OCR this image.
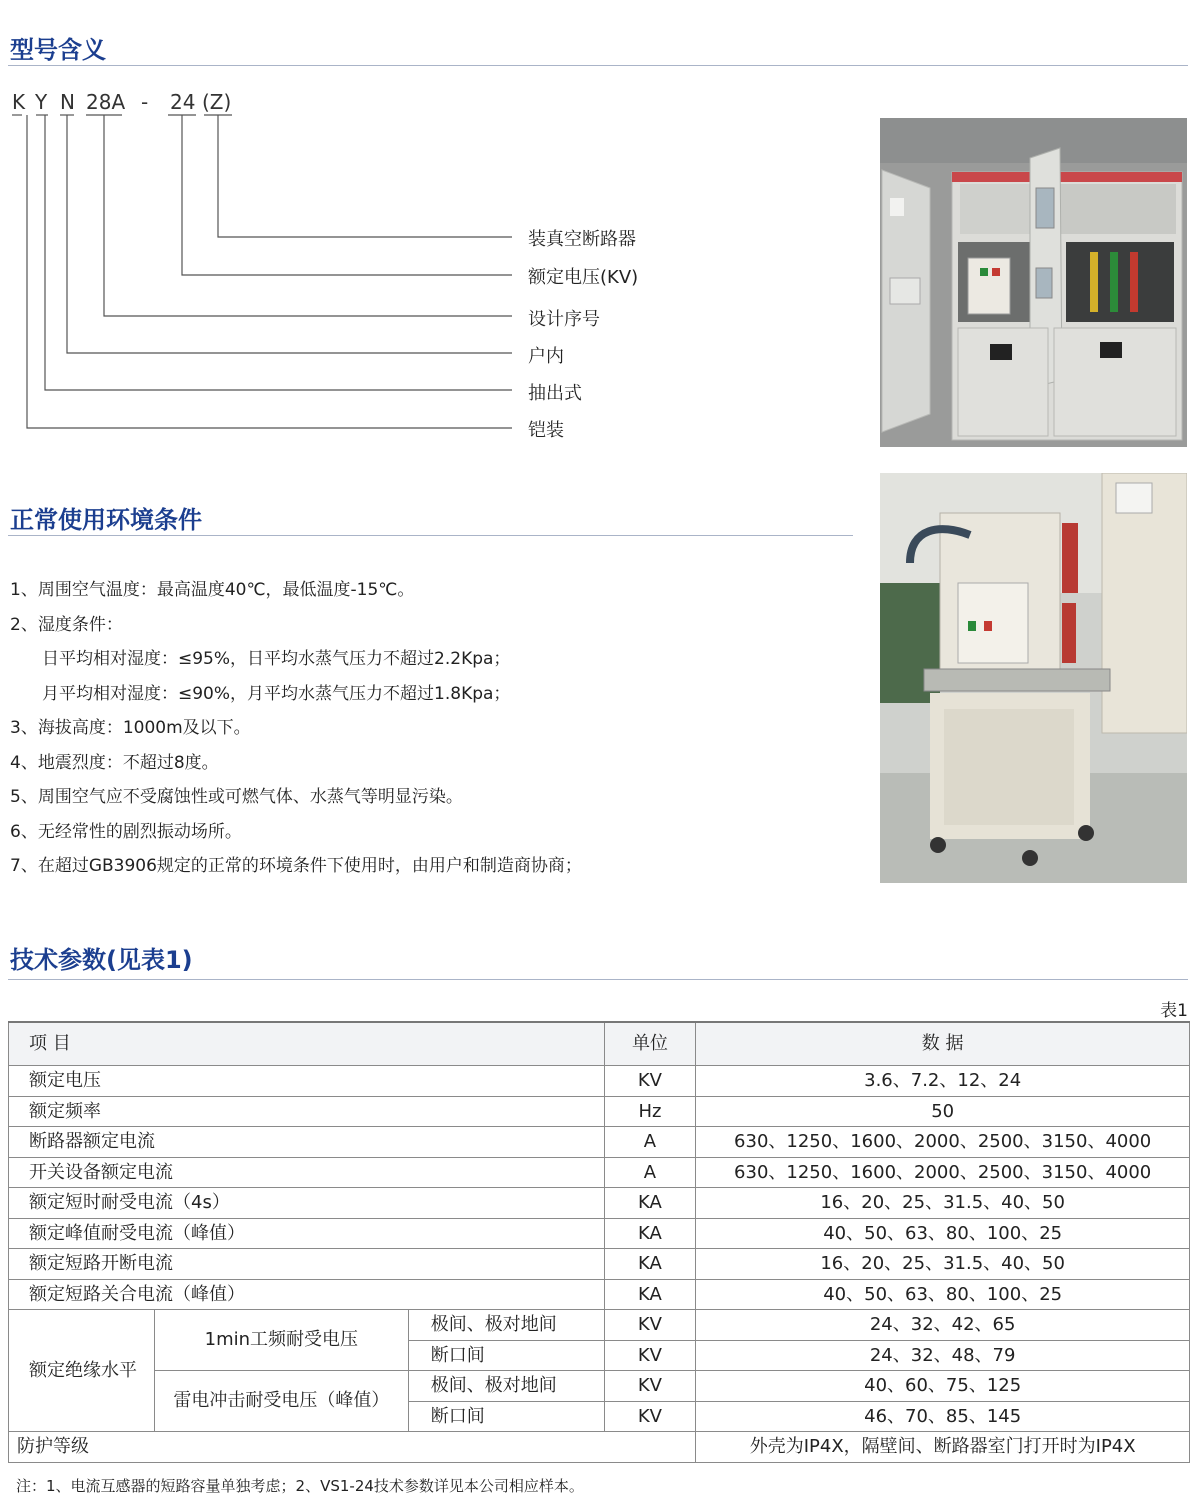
型号含义
K Y N 28A - 24 (Z)
装真空断路器
额定电压(KV)
设计序号
户内
抽出式
铠装
正常使用环境条件
1、周围空气温度：最高温度40℃，最低温度-15℃。
2、湿度条件：
日平均相对湿度：≤95%，日平均水蒸气压力不超过2.2Kpa；
月平均相对湿度：≤90%，月平均水蒸气压力不超过1.8Kpa；
3、海拔高度：1000m及以下。
4、地震烈度：不超过8度。
5、周围空气应不受腐蚀性或可燃气体、水蒸气等明显污染。
6、无经常性的剧烈振动场所。
7、在超过GB3906规定的正常的环境条件下使用时，由用户和制造商协商；
技术参数(见表1)
表1
项 目			单位	数 据
额定电压			KV	3.6、7.2、12、24
额定频率			Hz	50
断路器额定电流			A	630、1250、1600、2000、2500、3150、4000
开关设备额定电流			A	630、1250、1600、2000、2500、3150、4000
额定短时耐受电流（4s）			KA	16、20、25、31.5、40、50
额定峰值耐受电流（峰值）			KA	40、50、63、80、100、25
额定短路开断电流			KA	16、20、25、31.5、40、50
额定短路关合电流（峰值）			KA	40、50、63、80、100、25
额定绝缘水平	1min工频耐受电压	极间、极对地间	KV	24、32、42、65
		断口间	KV	24、32、48、79
	雷电冲击耐受电压（峰值）	极间、极对地间	KV	40、60、75、125
		断口间	KV	46、70、85、145
防护等级				外壳为IP4X，隔壁间、断路器室门打开时为IP4X
注：1、电流互感器的短路容量单独考虑；2、VS1-24技术参数详见本公司相应样本。
